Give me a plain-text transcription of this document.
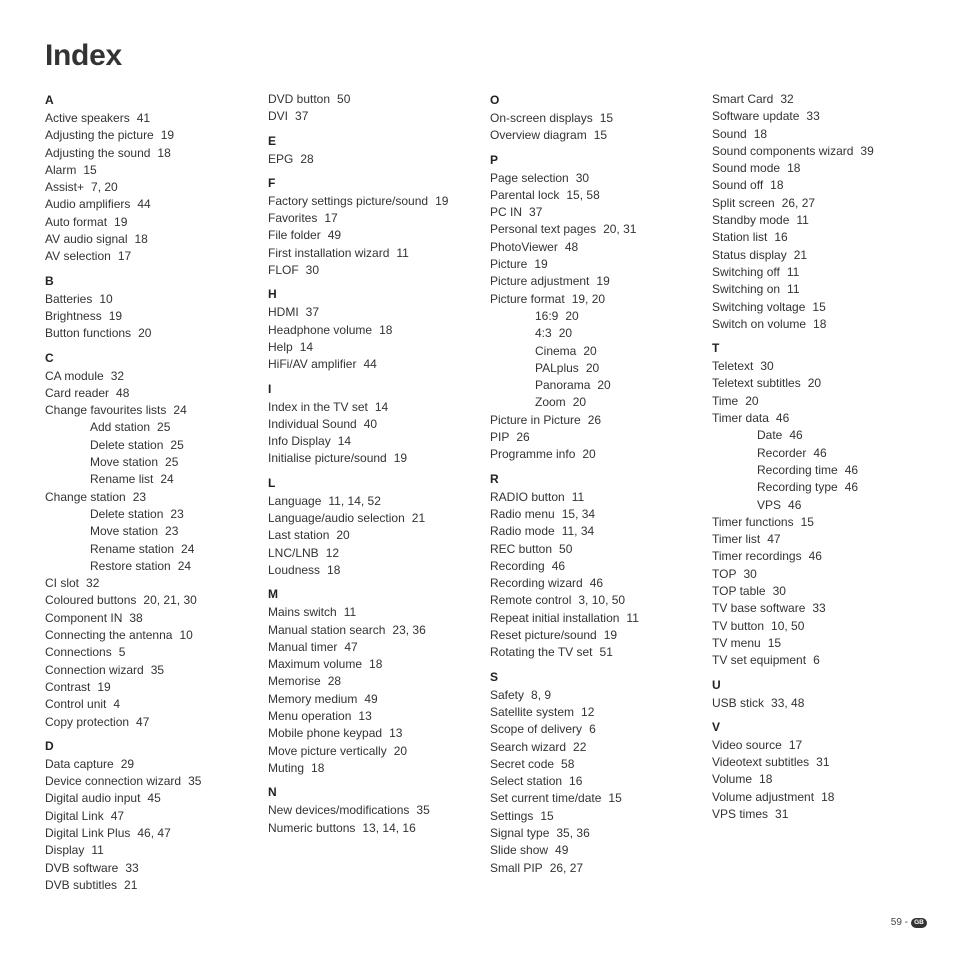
Index
A
Active speakers 41
Adjusting the picture 19
Adjusting the sound 18
Alarm 15
Assist+ 7, 20
Audio amplifiers 44
Auto format 19
AV audio signal 18
AV selection 17
B
Batteries 10
Brightness 19
Button functions 20
C
CA module 32
Card reader 48
Change favourites lists 24
Add station 25
Delete station 25
Move station 25
Rename list 24
Change station 23
Delete station 23
Move station 23
Rename station 24
Restore station 24
CI slot 32
Coloured buttons 20, 21, 30
Component IN 38
Connecting the antenna 10
Connections 5
Connection wizard 35
Contrast 19
Control unit 4
Copy protection 47
D
Data capture 29
Device connection wizard 35
Digital audio input 45
Digital Link 47
Digital Link Plus 46, 47
Display 11
DVB software 33
DVB subtitles 21
DVD button 50
DVI 37
E
EPG 28
F
Factory settings picture/sound 19
Favorites 17
File folder 49
First installation wizard 11
FLOF 30
H
HDMI 37
Headphone volume 18
Help 14
HiFi/AV amplifier 44
I
Index in the TV set 14
Individual Sound 40
Info Display 14
Initialise picture/sound 19
L
Language 11, 14, 52
Language/audio selection 21
Last station 20
LNC/LNB 12
Loudness 18
M
Mains switch 11
Manual station search 23, 36
Manual timer 47
Maximum volume 18
Memorise 28
Memory medium 49
Menu operation 13
Mobile phone keypad 13
Move picture vertically 20
Muting 18
N
New devices/modifications 35
Numeric buttons 13, 14, 16
O
On-screen displays 15
Overview diagram 15
P
Page selection 30
Parental lock 15, 58
PC IN 37
Personal text pages 20, 31
PhotoViewer 48
Picture 19
Picture adjustment 19
Picture format 19, 20
16:9 20
4:3 20
Cinema 20
PALplus 20
Panorama 20
Zoom 20
Picture in Picture 26
PIP 26
Programme info 20
R
RADIO button 11
Radio menu 15, 34
Radio mode 11, 34
REC button 50
Recording 46
Recording wizard 46
Remote control 3, 10, 50
Repeat initial installation 11
Reset picture/sound 19
Rotating the TV set 51
S
Safety 8, 9
Satellite system 12
Scope of delivery 6
Search wizard 22
Secret code 58
Select station 16
Set current time/date 15
Settings 15
Signal type 35, 36
Slide show 49
Small PIP 26, 27
Smart Card 32
Software update 33
Sound 18
Sound components wizard 39
Sound mode 18
Sound off 18
Split screen 26, 27
Standby mode 11
Station list 16
Status display 21
Switching off 11
Switching on 11
Switching voltage 15
Switch on volume 18
T
Teletext 30
Teletext subtitles 20
Time 20
Timer data 46
Date 46
Recorder 46
Recording time 46
Recording type 46
VPS 46
Timer functions 15
Timer list 47
Timer recordings 46
TOP 30
TOP table 30
TV base software 33
TV button 10, 50
TV menu 15
TV set equipment 6
U
USB stick 33, 48
V
Video source 17
Videotext subtitles 31
Volume 18
Volume adjustment 18
VPS times 31
59 - GB
